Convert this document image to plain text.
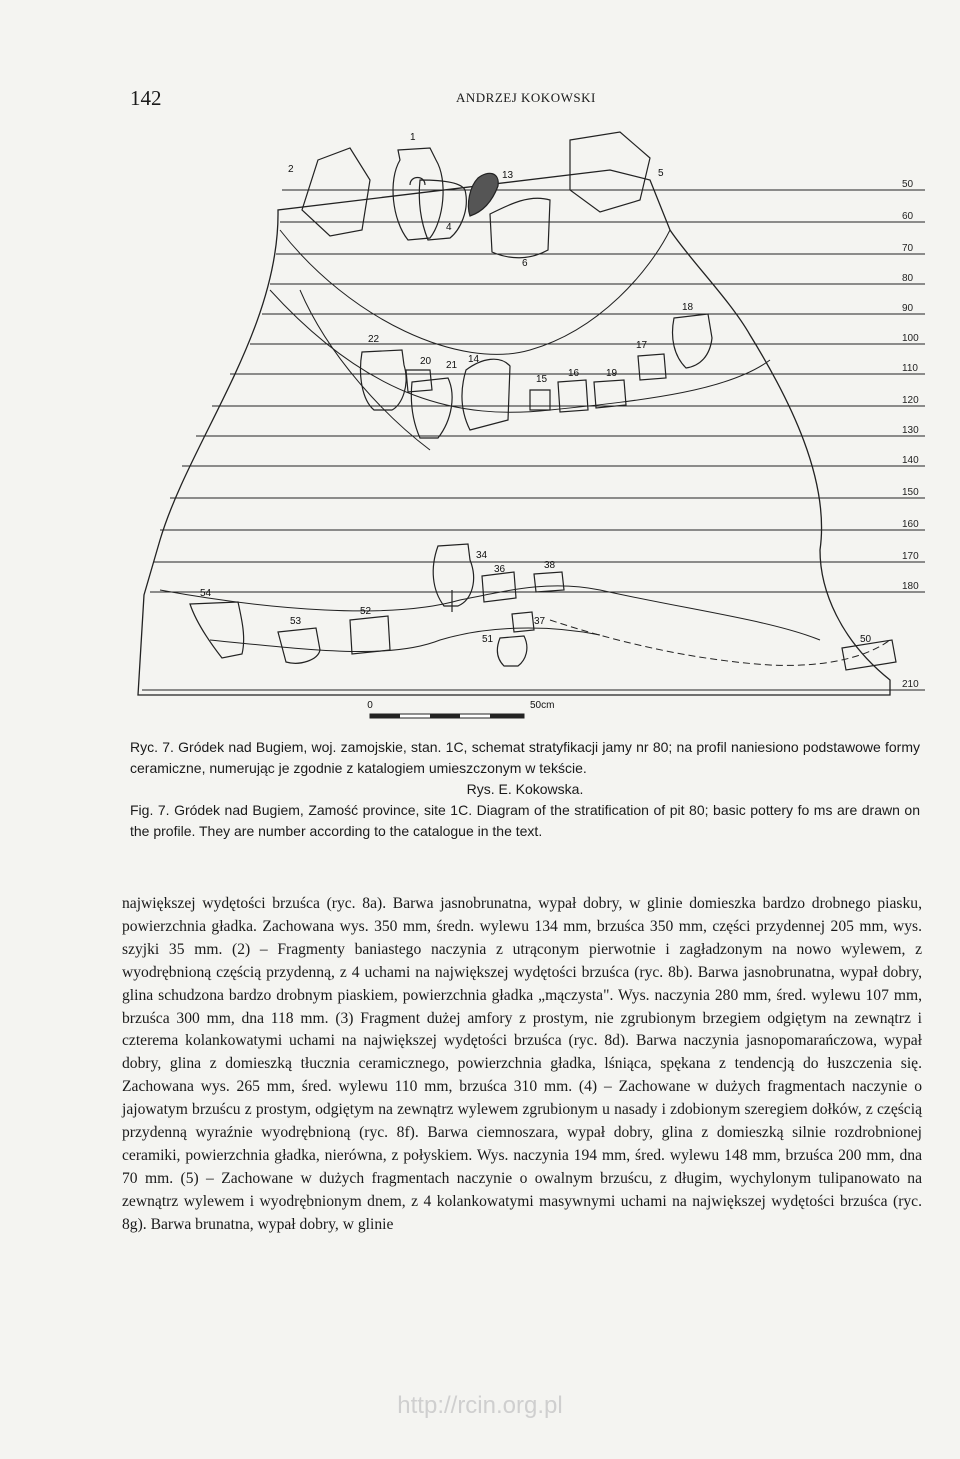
142	ANDRZEJ KOKOWSKI
50
60
70
80
90
100
110
120
130
140
150
160
170
180
210
1
2
4
5
6
13
14
15
16
17
18
19
20 21
22
34
36
37
38
50
51
52
53
54
0	50cm
Ryc. 7. Gródek nad Bugiem, woj. zamojskie, stan. 1C, schemat stratyfikacji jamy nr 80; na profil naniesiono podstawowe formy ceramiczne, numerując je zgodnie z katalogiem umieszczonym w tekście.
Rys. E. Kokowska.
Fig. 7. Gródek nad Bugiem, Zamość province, site 1C. Diagram of the stratification of pit 80; basic pottery fo ms are drawn on the profile. They are number according to the catalogue in the text.
największej wydętości brzuśca (ryc. 8a). Barwa jasnobrunatna, wypał dobry, w glinie domieszka bardzo drobnego piasku, powierzchnia gładka. Zachowana wys. 350 mm, średn. wylewu 134 mm, brzuśca 350 mm, części przydennej 205 mm, wys. szyjki 35 mm. (2) – Fragmenty baniastego naczynia z utrąconym pierwotnie i zagładzonym na nowo wylewem, z wyodrębnioną częścią przydenną, z 4 uchami na największej wydętości brzuśca (ryc. 8b). Barwa jasnobrunatna, wypał dobry, glina schudzona bardzo drobnym piaskiem, powierzchnia gładka „mączysta". Wys. naczynia 280 mm, śred. wylewu 107 mm, brzuśca 300 mm, dna 118 mm. (3) Fragment dużej amfory z prostym, nie zgrubionym brzegiem odgiętym na zewnątrz i czterema kolankowatymi uchami na największej wydętości brzuśca (ryc. 8d). Barwa naczynia jasnopomarańczowa, wypał dobry, glina z domieszką tłucznia ceramicznego, powierzchnia gładka, lśniąca, spękana z tendencją do łuszczenia się. Zachowana wys. 265 mm, śred. wylewu 110 mm, brzuśca 310 mm. (4) – Zachowane w dużych fragmentach naczynie o jajowatym brzuścu z prostym, odgiętym na zewnątrz wylewem zgrubionym u nasady i zdobionym szeregiem dołków, z częścią przydenną wyraźnie wyodrębnioną (ryc. 8f). Barwa ciemnoszara, wypał dobry, glina z domieszką silnie rozdrobnionej ceramiki, powierzchnia gładka, nierówna, z połyskiem. Wys. naczynia 194 mm, śred. wylewu 148 mm, brzuśca 200 mm, dna 70 mm. (5) – Zachowane w dużych fragmentach naczynie o owalnym brzuścu, z długim, wychylonym tulipanowato na zewnątrz wylewem i wyodrębnionym dnem, z 4 kolankowatymi masywnymi uchami na największej wydętości brzuśca (ryc. 8g). Barwa brunatna, wypał dobry, w glinie
http://rcin.org.pl
